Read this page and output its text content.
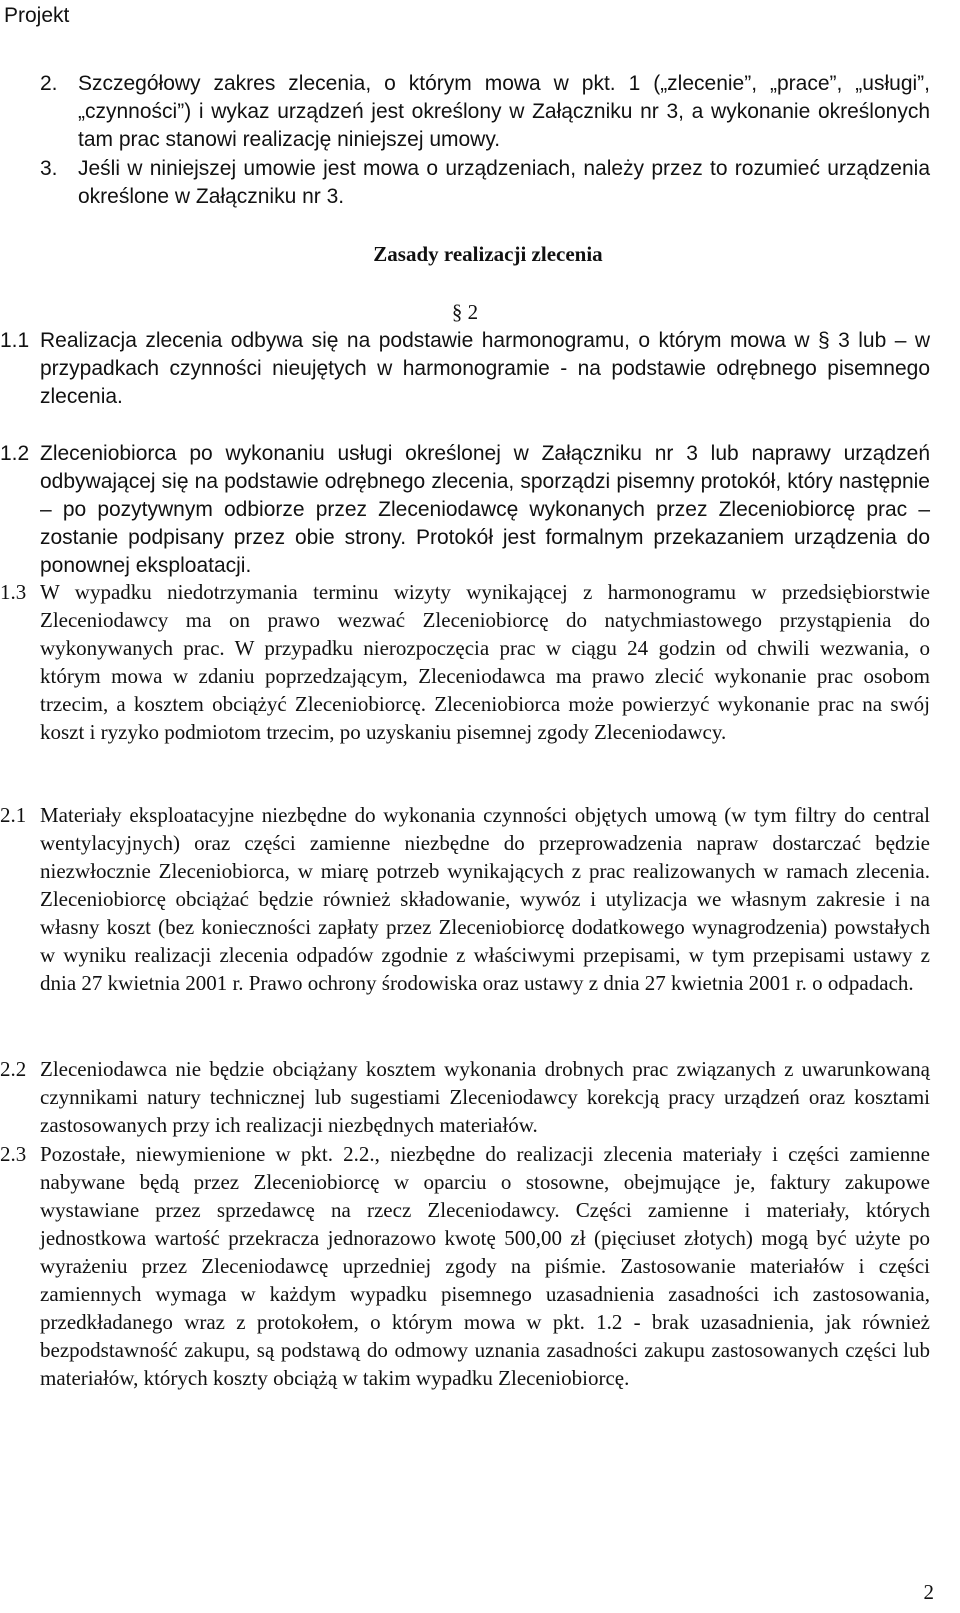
Projekt
2. Szczegółowy zakres zlecenia, o którym mowa w pkt. 1 („zlecenie”, „prace”, „usługi”, „czynności”) i wykaz urządzeń jest określony w Załączniku nr 3, a wykonanie określonych tam prac stanowi realizację niniejszej umowy.

3. Jeśli w niniejszej umowie jest mowa o urządzeniach, należy przez to rozumieć urządzenia określone w Załączniku nr 3.

Zasady realizacji zlecenia
§ 2
1.1 Realizacja zlecenia odbywa się na podstawie harmonogramu, o którym mowa w § 3 lub – w przypadkach czynności nieujętych w harmonogramie - na podstawie odrębnego pisemnego zlecenia.

1.2 Zleceniobiorca po wykonaniu usługi określonej w Załączniku nr 3 lub naprawy urządzeń odbywającej się na podstawie odrębnego zlecenia, sporządzi pisemny protokół, który następnie – po pozytywnym odbiorze przez Zleceniodawcę wykonanych przez Zleceniobiorcę prac – zostanie podpisany przez obie strony. Protokół jest formalnym przekazaniem urządzenia do ponownej eksploatacji.

1.3 W wypadku niedotrzymania terminu wizyty wynikającej z harmonogramu w przedsiębiorstwie Zleceniodawcy ma on prawo wezwać Zleceniobiorcę do natychmiastowego przystąpienia do wykonywanych prac. W przypadku nierozpoczęcia prac w ciągu 24 godzin od chwili wezwania, o którym mowa w zdaniu poprzedzającym, Zleceniodawca ma prawo zlecić wykonanie prac osobom trzecim, a kosztem obciążyć Zleceniobiorcę. Zleceniobiorca może powierzyć wykonanie prac na swój koszt i ryzyko podmiotom trzecim, po uzyskaniu pisemnej zgody Zleceniodawcy.

2.1 Materiały eksploatacyjne niezbędne do wykonania czynności objętych umową (w tym filtry do central wentylacyjnych) oraz części zamienne niezbędne do przeprowadzenia napraw dostarczać będzie niezwłocznie Zleceniobiorca, w miarę potrzeb wynikających z prac realizowanych w ramach zlecenia. Zleceniobiorcę obciążać będzie również składowanie, wywóz i utylizacja we własnym zakresie i na własny koszt (bez konieczności zapłaty przez Zleceniobiorcę dodatkowego wynagrodzenia) powstałych w wyniku realizacji zlecenia odpadów zgodnie z właściwymi przepisami, w tym przepisami ustawy z dnia 27 kwietnia 2001 r. Prawo ochrony środowiska oraz ustawy z dnia 27 kwietnia 2001 r. o odpadach.

2.2 Zleceniodawca nie będzie obciążany kosztem wykonania drobnych prac związanych z uwarunkowaną czynnikami natury technicznej lub sugestiami Zleceniodawcy korekcją pracy urządzeń oraz kosztami zastosowanych przy ich realizacji niezbędnych materiałów.

2.3 Pozostałe, niewymienione w pkt. 2.2., niezbędne do realizacji zlecenia materiały i części zamienne nabywane będą przez Zleceniobiorcę w oparciu o stosowne, obejmujące je, faktury zakupowe wystawiane przez sprzedawcę na rzecz Zleceniodawcy. Części zamienne i materiały, których jednostkowa wartość przekracza jednorazowo kwotę 500,00 zł (pięciuset złotych) mogą być użyte po wyrażeniu przez Zleceniodawcę uprzedniej zgody na piśmie. Zastosowanie materiałów i części zamiennych wymaga w każdym wypadku pisemnego uzasadnienia zasadności ich zastosowania, przedkładanego wraz z protokołem, o którym mowa w pkt. 1.2 - brak uzasadnienia, jak również bezpodstawność zakupu, są podstawą do odmowy uznania zasadności zakupu zastosowanych części lub materiałów, których koszty obciążą w takim wypadku Zleceniobiorcę.

2
